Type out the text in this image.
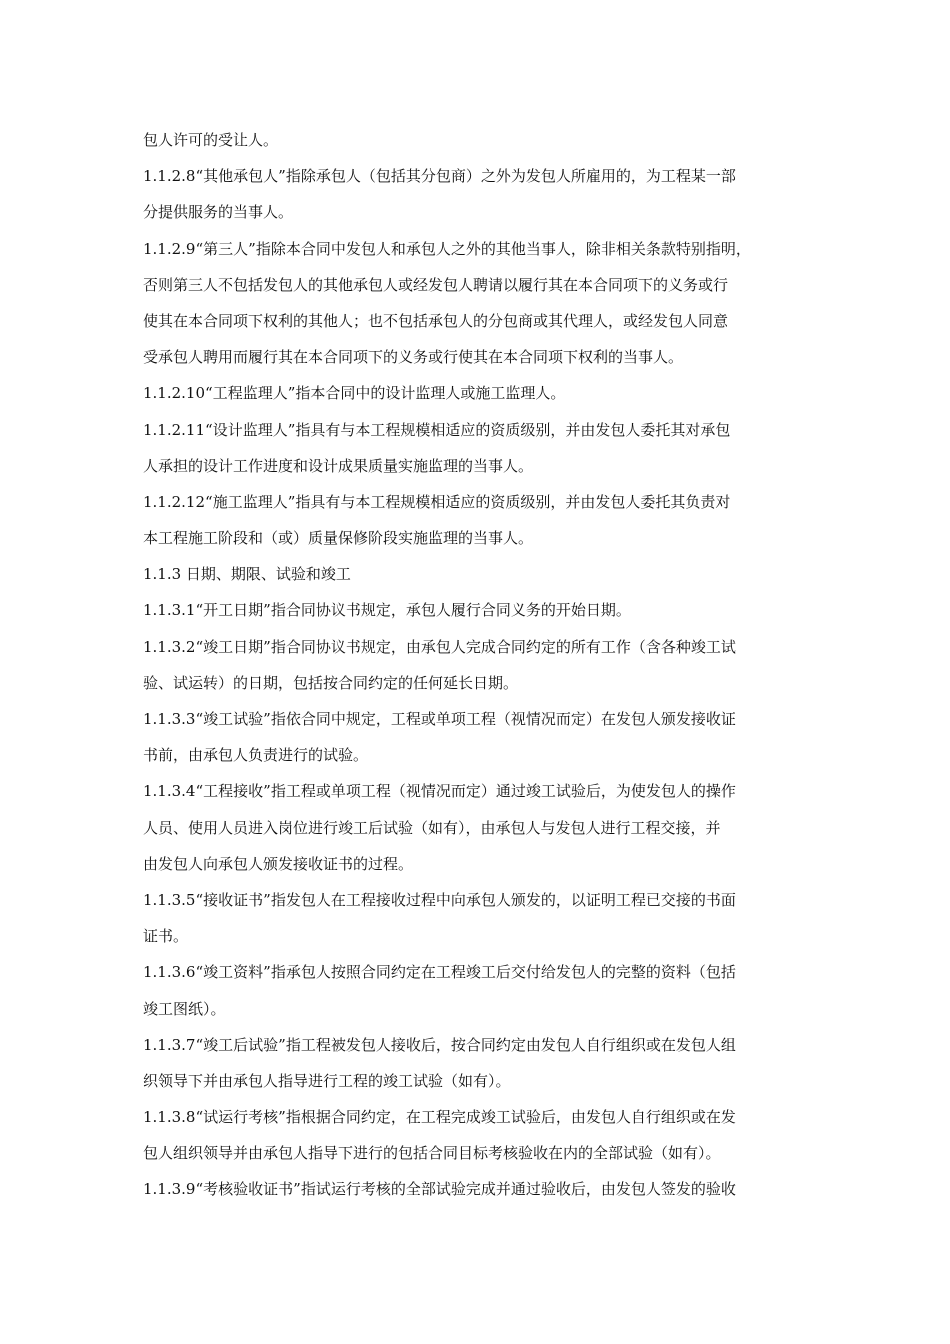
包人许可的受让人。
1.1.2.8“其他承包人”指除承包人（包括其分包商）之外为发包人所雇用的，为工程某一部
分提供服务的当事人。
1.1.2.9“第三人”指除本合同中发包人和承包人之外的其他当事人，除非相关条款特别指明，
否则第三人不包括发包人的其他承包人或经发包人聘请以履行其在本合同项下的义务或行
使其在本合同项下权利的其他人；也不包括承包人的分包商或其代理人，或经发包人同意
受承包人聘用而履行其在本合同项下的义务或行使其在本合同项下权利的当事人。
1.1.2.10“工程监理人”指本合同中的设计监理人或施工监理人。
1.1.2.11“设计监理人”指具有与本工程规模相适应的资质级别，并由发包人委托其对承包
人承担的设计工作进度和设计成果质量实施监理的当事人。
1.1.2.12“施工监理人”指具有与本工程规模相适应的资质级别，并由发包人委托其负责对
本工程施工阶段和（或）质量保修阶段实施监理的当事人。
1.1.3 日期、期限、试验和竣工
1.1.3.1“开工日期”指合同协议书规定，承包人履行合同义务的开始日期。
1.1.3.2“竣工日期”指合同协议书规定，由承包人完成合同约定的所有工作（含各种竣工试
验、试运转）的日期，包括按合同约定的任何延长日期。
1.1.3.3“竣工试验”指依合同中规定，工程或单项工程（视情况而定）在发包人颁发接收证
书前，由承包人负责进行的试验。
1.1.3.4“工程接收”指工程或单项工程（视情况而定）通过竣工试验后，为使发包人的操作
人员、使用人员进入岗位进行竣工后试验（如有），由承包人与发包人进行工程交接，并
由发包人向承包人颁发接收证书的过程。
1.1.3.5“接收证书”指发包人在工程接收过程中向承包人颁发的，以证明工程已交接的书面
证书。
1.1.3.6“竣工资料”指承包人按照合同约定在工程竣工后交付给发包人的完整的资料（包括
竣工图纸）。
1.1.3.7“竣工后试验”指工程被发包人接收后，按合同约定由发包人自行组织或在发包人组
织领导下并由承包人指导进行工程的竣工试验（如有）。
1.1.3.8“试运行考核”指根据合同约定，在工程完成竣工试验后，由发包人自行组织或在发
包人组织领导并由承包人指导下进行的包括合同目标考核验收在内的全部试验（如有）。
1.1.3.9“考核验收证书”指试运行考核的全部试验完成并通过验收后，由发包人签发的验收
